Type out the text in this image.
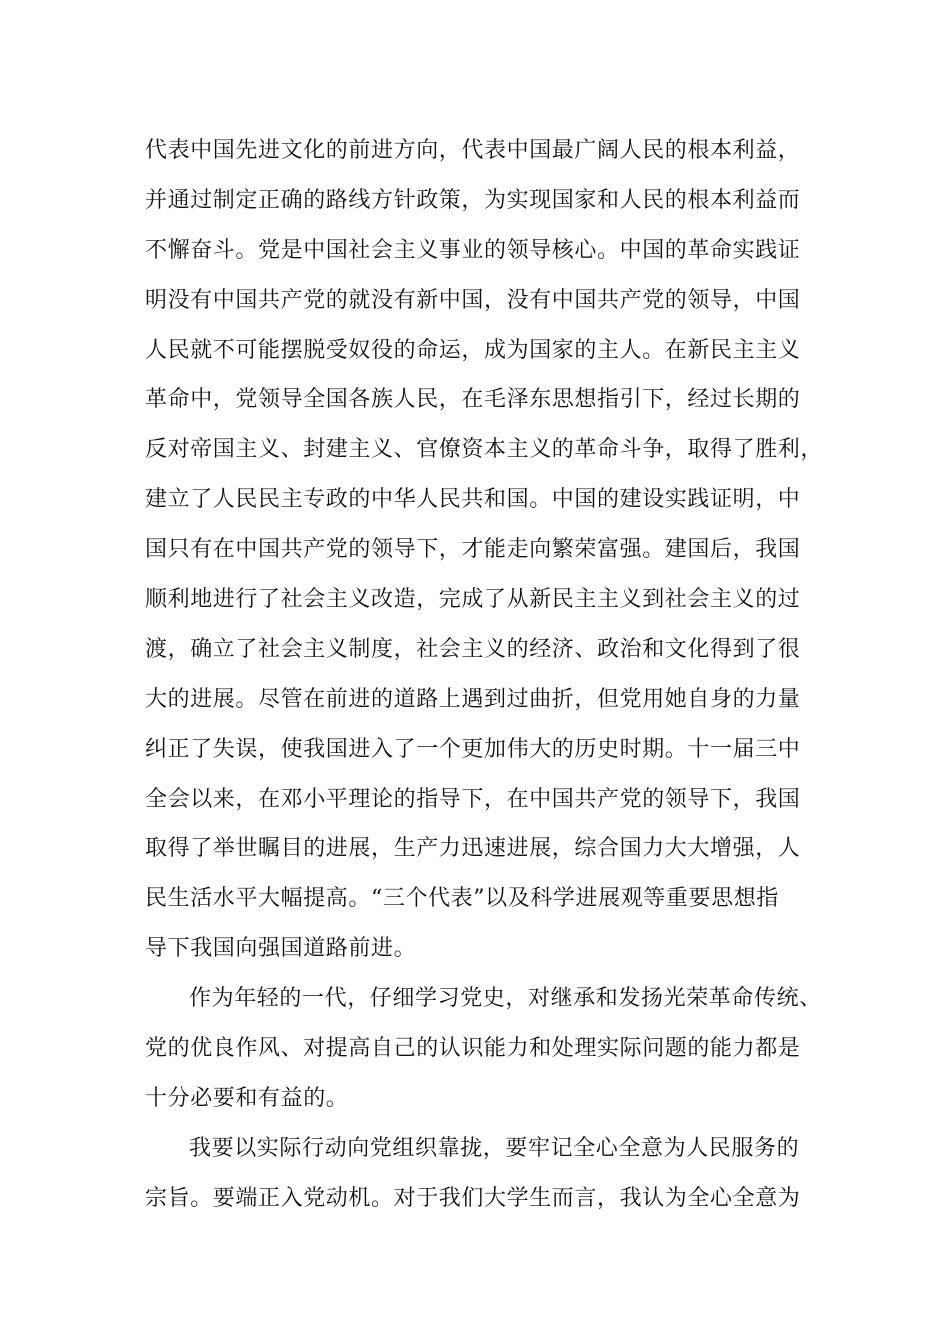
代表中国先进文化的前进方向，代表中国最广阔人民的根本利益，
并通过制定正确的路线方针政策，为实现国家和人民的根本利益而
不懈奋斗。党是中国社会主义事业的领导核心。中国的革命实践证
明没有中国共产党的就没有新中国，没有中国共产党的领导，中国
人民就不可能摆脱受奴役的命运，成为国家的主人。在新民主主义
革命中，党领导全国各族人民，在毛泽东思想指引下，经过长期的
反对帝国主义、封建主义、官僚资本主义的革命斗争，取得了胜利，
建立了人民民主专政的中华人民共和国。中国的建设实践证明，中
国只有在中国共产党的领导下，才能走向繁荣富强。建国后，我国
顺利地进行了社会主义改造，完成了从新民主主义到社会主义的过
渡，确立了社会主义制度，社会主义的经济、政治和文化得到了很
大的进展。尽管在前进的道路上遇到过曲折，但党用她自身的力量
纠正了失误，使我国进入了一个更加伟大的历史时期。十一届三中
全会以来，在邓小平理论的指导下，在中国共产党的领导下，我国
取得了举世瞩目的进展，生产力迅速进展，综合国力大大增强，人
民生活水平大幅提高。“三个代表”以及科学进展观等重要思想指
导下我国向强国道路前进。
作为年轻的一代，仔细学习党史，对继承和发扬光荣革命传统、
党的优良作风、对提高自己的认识能力和处理实际问题的能力都是
十分必要和有益的。
我要以实际行动向党组织靠拢，要牢记全心全意为人民服务的
宗旨。要端正入党动机。对于我们大学生而言，我认为全心全意为
